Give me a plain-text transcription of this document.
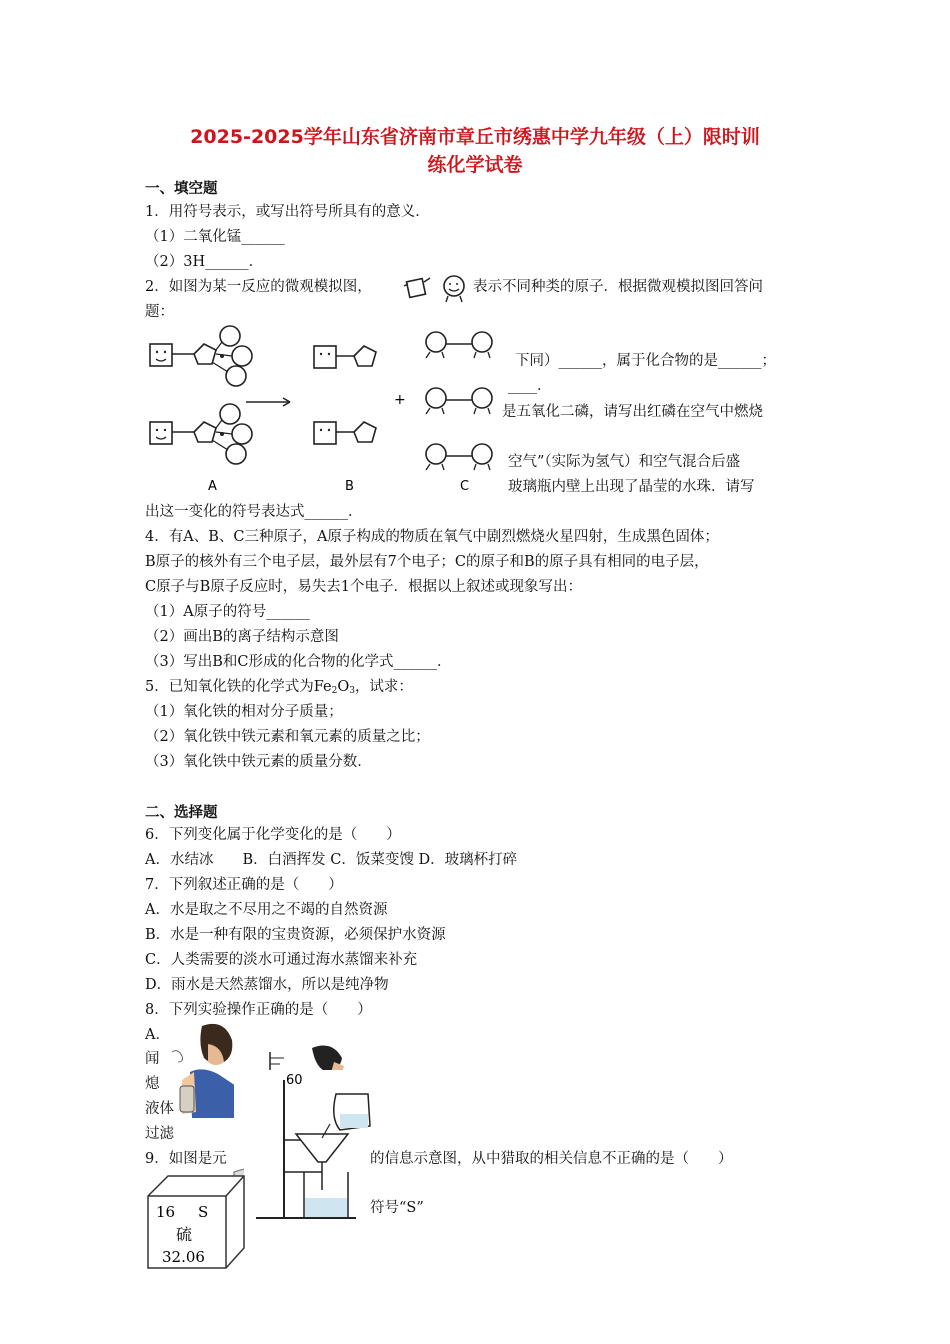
2025-2025学年山东省济南市章丘市绣惠中学九年级（上）限时训
练化学试卷
一、填空题
1．用符号表示，或写出符号所具有的意义．
（1）二氧化锰______
（2）3H______．
2．如图为某一反应的微观模拟图，	表示不同种类的原子．根据微观模拟图回答问
题：
下同）______，属于化合物的是______；
____．
是五氧化二磷，请写出红磷在空气中燃烧
空气”（实际为氢气）和空气混合后盛
玻璃瓶内壁上出现了晶莹的水珠．请写
+
A	B	C
出这一变化的符号表达式______．
4．有A、B、C三种原子，A原子构成的物质在氧气中剧烈燃烧火星四射，生成黑色固体；
B原子的核外有三个电子层，最外层有7个电子；C的原子和B的原子具有相同的电子层，
C原子与B原子反应时，易失去1个电子．根据以上叙述或现象写出：
（1）A原子的符号______
（2）画出B的离子结构示意图
（3）写出B和C形成的化合物的化学式______．
5．已知氧化铁的化学式为$Fe_2O_3$，试求：
（1）氧化铁的相对分子质量；
（2）氧化铁中铁元素和氧元素的质量之比；
（3）氧化铁中铁元素的质量分数．
二、选择题
6．下列变化属于化学变化的是（　　）
A．水结冰　　B．白酒挥发 C．饭菜变馊 D．玻璃杯打碎
7．下列叙述正确的是（　　）
A．水是取之不尽用之不竭的自然资源
B．水是一种有限的宝贵资源，必须保护水资源
C．人类需要的淡水可通过海水蒸馏来补充
D．雨水是天然蒸馏水，所以是纯净物
8．下列实验操作正确的是（　　）
A．
闻
熄
液体
过滤
60
9．如图是元	的信息示意图，从中猎取的相关信息不正确的是（　　）
符号“S”
16 S
硫
32.06
